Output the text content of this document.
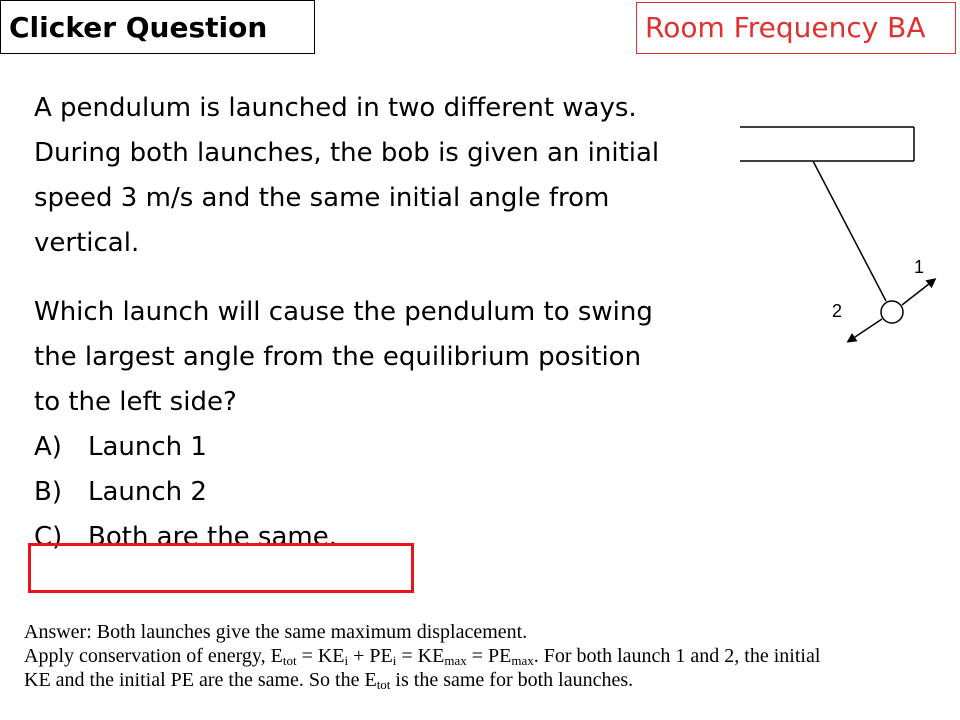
Clicker Question	Room Frequency BA

A pendulum is launched in two different ways. During both launches, the bob is given an initial speed 3 m/s and the same initial angle from vertical.

Which launch will cause the pendulum to swing the largest angle from the equilibrium position to the left side?

A)	Launch 1
B)	Launch 2
C) Both are the same.
1
2
Answer: Both launches give the same maximum displacement.
Apply conservation of energy, $E_{tot} = KE_i + PE_i = KE_{max} = PE_{max}$. For both launch 1 and 2, the initial
KE and the initial PE are the same. So the $E_{tot}$ is the same for both launches.
